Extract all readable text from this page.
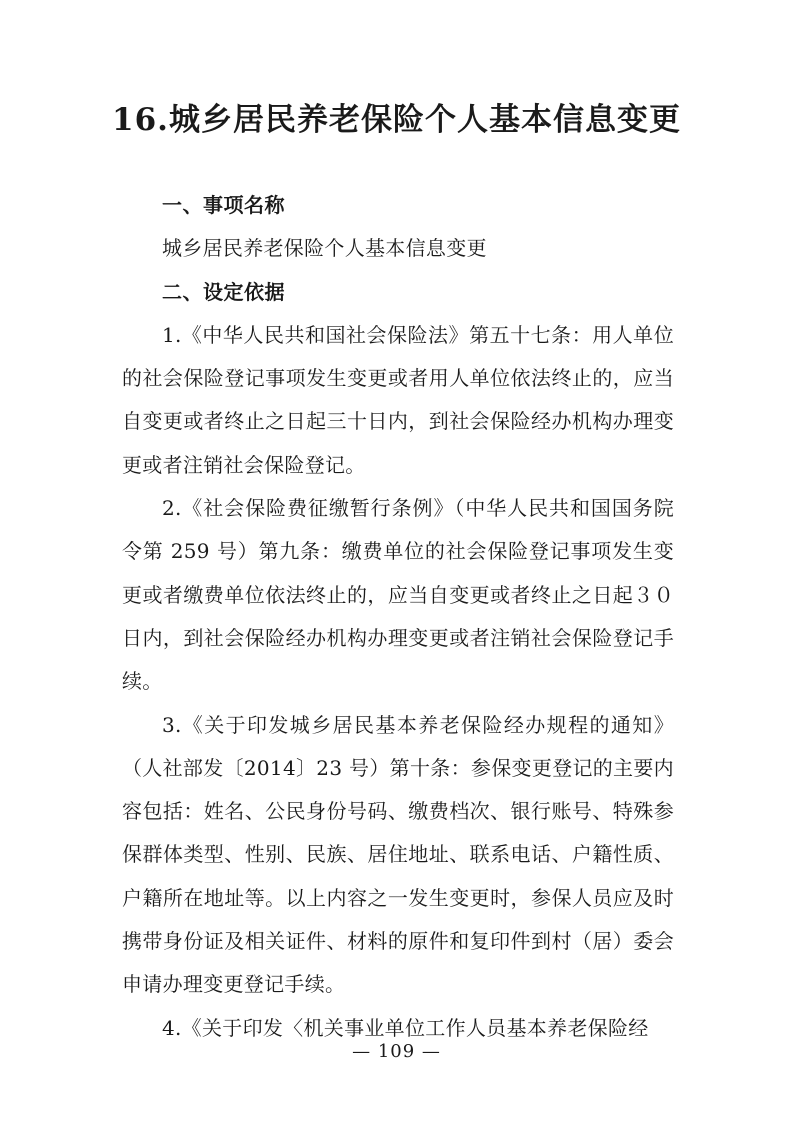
16.城乡居民养老保险个人基本信息变更

一、事项名称

城乡居民养老保险个人基本信息变更

二、设定依据

1.《中华人民共和国社会保险法》第五十七条：用人单位的社会保险登记事项发生变更或者用人单位依法终止的，应当自变更或者终止之日起三十日内，到社会保险经办机构办理变更或者注销社会保险登记。

2.《社会保险费征缴暂行条例》（中华人民共和国国务院令第 259 号）第九条：缴费单位的社会保险登记事项发生变更或者缴费单位依法终止的，应当自变更或者终止之日起３０日内，到社会保险经办机构办理变更或者注销社会保险登记手续。

3.《关于印发城乡居民基本养老保险经办规程的通知》（人社部发〔2014〕23 号）第十条：参保变更登记的主要内容包括：姓名、公民身份号码、缴费档次、银行账号、特殊参保群体类型、性别、民族、居住地址、联系电话、户籍性质、户籍所在地址等。以上内容之一发生变更时，参保人员应及时携带身份证及相关证件、材料的原件和复印件到村（居）委会申请办理变更登记手续。

4.《关于印发〈机关事业单位工作人员基本养老保险经

— 109 —
